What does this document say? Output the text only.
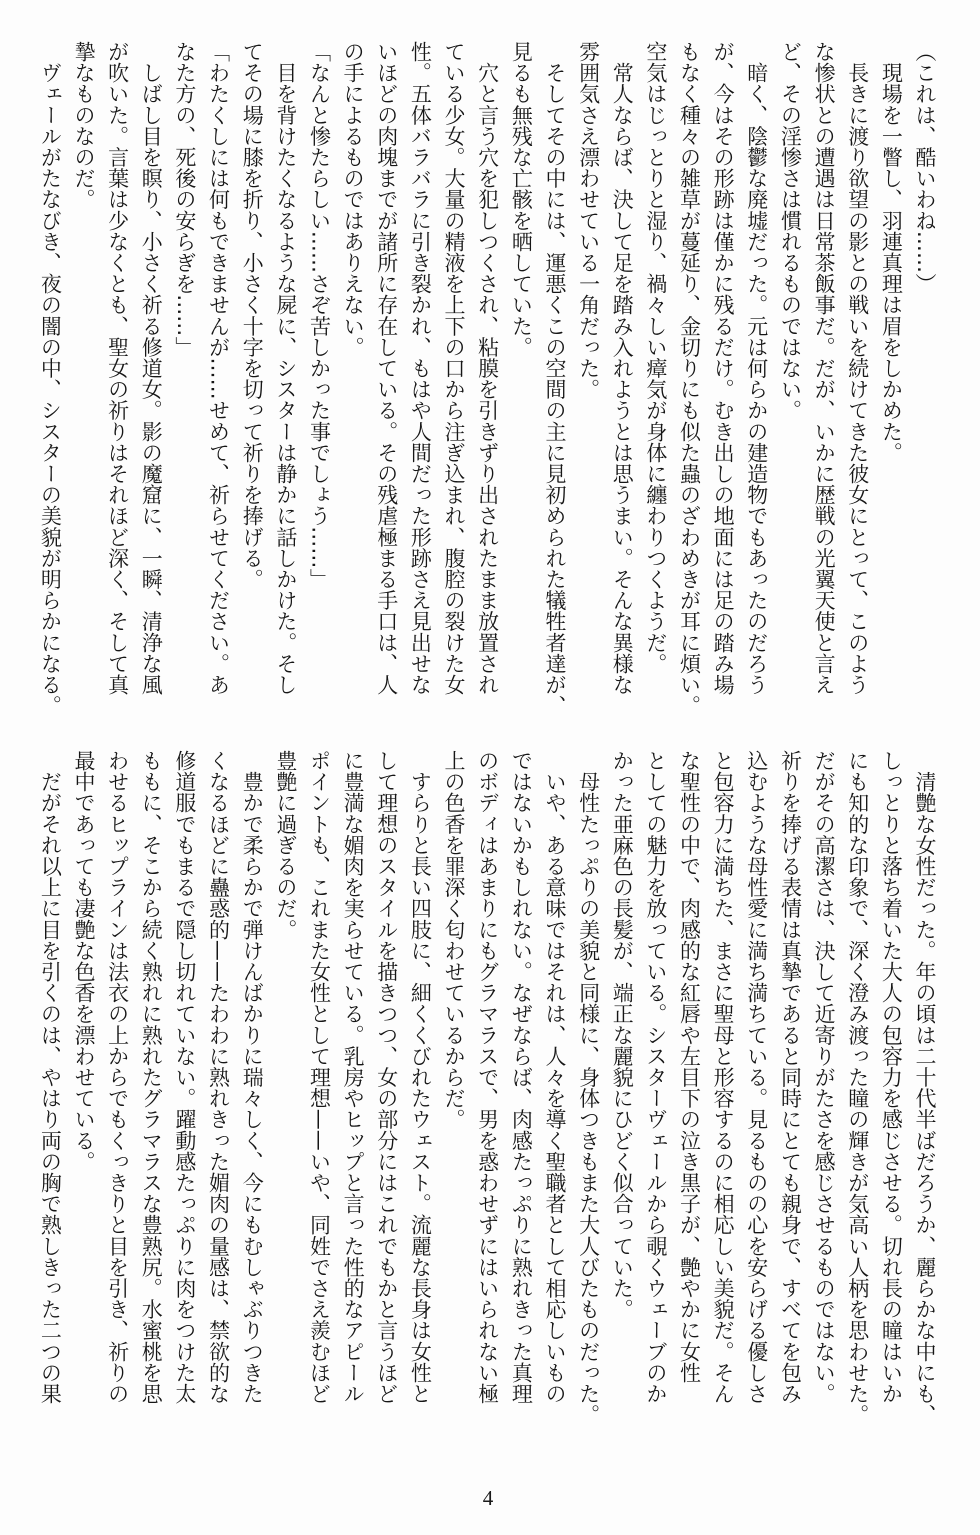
（これは、酷いわね……）
　現場を一瞥し、羽連真理は眉をしかめた。
　長きに渡り欲望の影との戦いを続けてきた彼女にとって、このよう
な惨状との遭遇は日常茶飯事だ。だが、いかに歴戦の光翼天使と言え
ど、その淫惨さは慣れるものではない。
　暗く、陰鬱な廃墟だった。元は何らかの建造物でもあったのだろう
が、今はその形跡は僅かに残るだけ。むき出しの地面には足の踏み場
もなく種々の雑草が蔓延り、金切りにも似た蟲のざわめきが耳に煩い。
空気はじっとりと湿り、禍々しい瘴気が身体に纏わりつくようだ。
　常人ならば、決して足を踏み入れようとは思うまい。そんな異様な
雰囲気さえ漂わせている一角だった。
　そしてその中には、運悪くこの空間の主に見初められた犠牲者達が、
見るも無残な亡骸を晒していた。
　穴と言う穴を犯しつくされ、粘膜を引きずり出されたまま放置され
ている少女。大量の精液を上下の口から注ぎ込まれ、腹腔の裂けた女
性。五体バラバラに引き裂かれ、もはや人間だった形跡さえ見出せな
いほどの肉塊までが諸所に存在している。その残虐極まる手口は、人
の手によるものではありえない。
「なんと惨たらしい……さぞ苦しかった事でしょう……」
　目を背けたくなるような屍に、シスターは静かに話しかけた。そし
てその場に膝を折り、小さく十字を切って祈りを捧げる。
「わたくしには何もできませんが……せめて、祈らせてください。あ
なた方の、死後の安らぎを……」
　しばし目を瞑り、小さく祈る修道女。影の魔窟に、一瞬、清浄な風
が吹いた。言葉は少なくとも、聖女の祈りはそれほど深く、そして真
摯なものなのだ。
　ヴェールがたなびき、夜の闇の中、シスターの美貌が明らかになる。
　清艶な女性だった。年の頃は二十代半ばだろうか、麗らかな中にも、
しっとりと落ち着いた大人の包容力を感じさせる。切れ長の瞳はいか
にも知的な印象で、深く澄み渡った瞳の輝きが気高い人柄を思わせた。
だがその高潔さは、決して近寄りがたさを感じさせるものではない。
祈りを捧げる表情は真摯であると同時にとても親身で、すべてを包み
込むような母性愛に満ち満ちている。見るものの心を安らげる優しさ
と包容力に満ちた、まさに聖母と形容するのに相応しい美貌だ。そん
な聖性の中で、肉感的な紅唇や左目下の泣き黒子が、艶やかに女性
としての魅力を放っている。シスターヴェールから覗くウェーブのか
かった亜麻色の長髪が、端正な麗貌にひどく似合っていた。
　母性たっぷりの美貌と同様に、身体つきもまた大人びたものだった。
　いや、ある意味ではそれは、人々を導く聖職者として相応しいもの
ではないかもしれない。なぜならば、肉感たっぷりに熟れきった真理
のボディはあまりにもグラマラスで、男を惑わせずにはいられない極
上の色香を罪深く匂わせているからだ。
　すらりと長い四肢に、細くくびれたウェスト。流麗な長身は女性と
して理想のスタイルを描きつつ、女の部分にはこれでもかと言うほど
に豊満な媚肉を実らせている。乳房やヒップと言った性的なアピール
ポイントも、これまた女性として理想——いや、同姓でさえ羨むほど
豊艶に過ぎるのだ。
　豊かで柔らかで弾けんばかりに瑞々しく、今にもむしゃぶりつきた
くなるほどに蠱惑的——たわわに熟れきった媚肉の量感は、禁欲的な
修道服でもまるで隠し切れていない。躍動感たっぷりに肉をつけた太
ももに、そこから続く熟れに熟れたグラマラスな豊熟尻。水蜜桃を思
わせるヒップラインは法衣の上からでもくっきりと目を引き、祈りの
最中であっても凄艶な色香を漂わせている。
　だがそれ以上に目を引くのは、やはり両の胸で熟しきった二つの果
4
